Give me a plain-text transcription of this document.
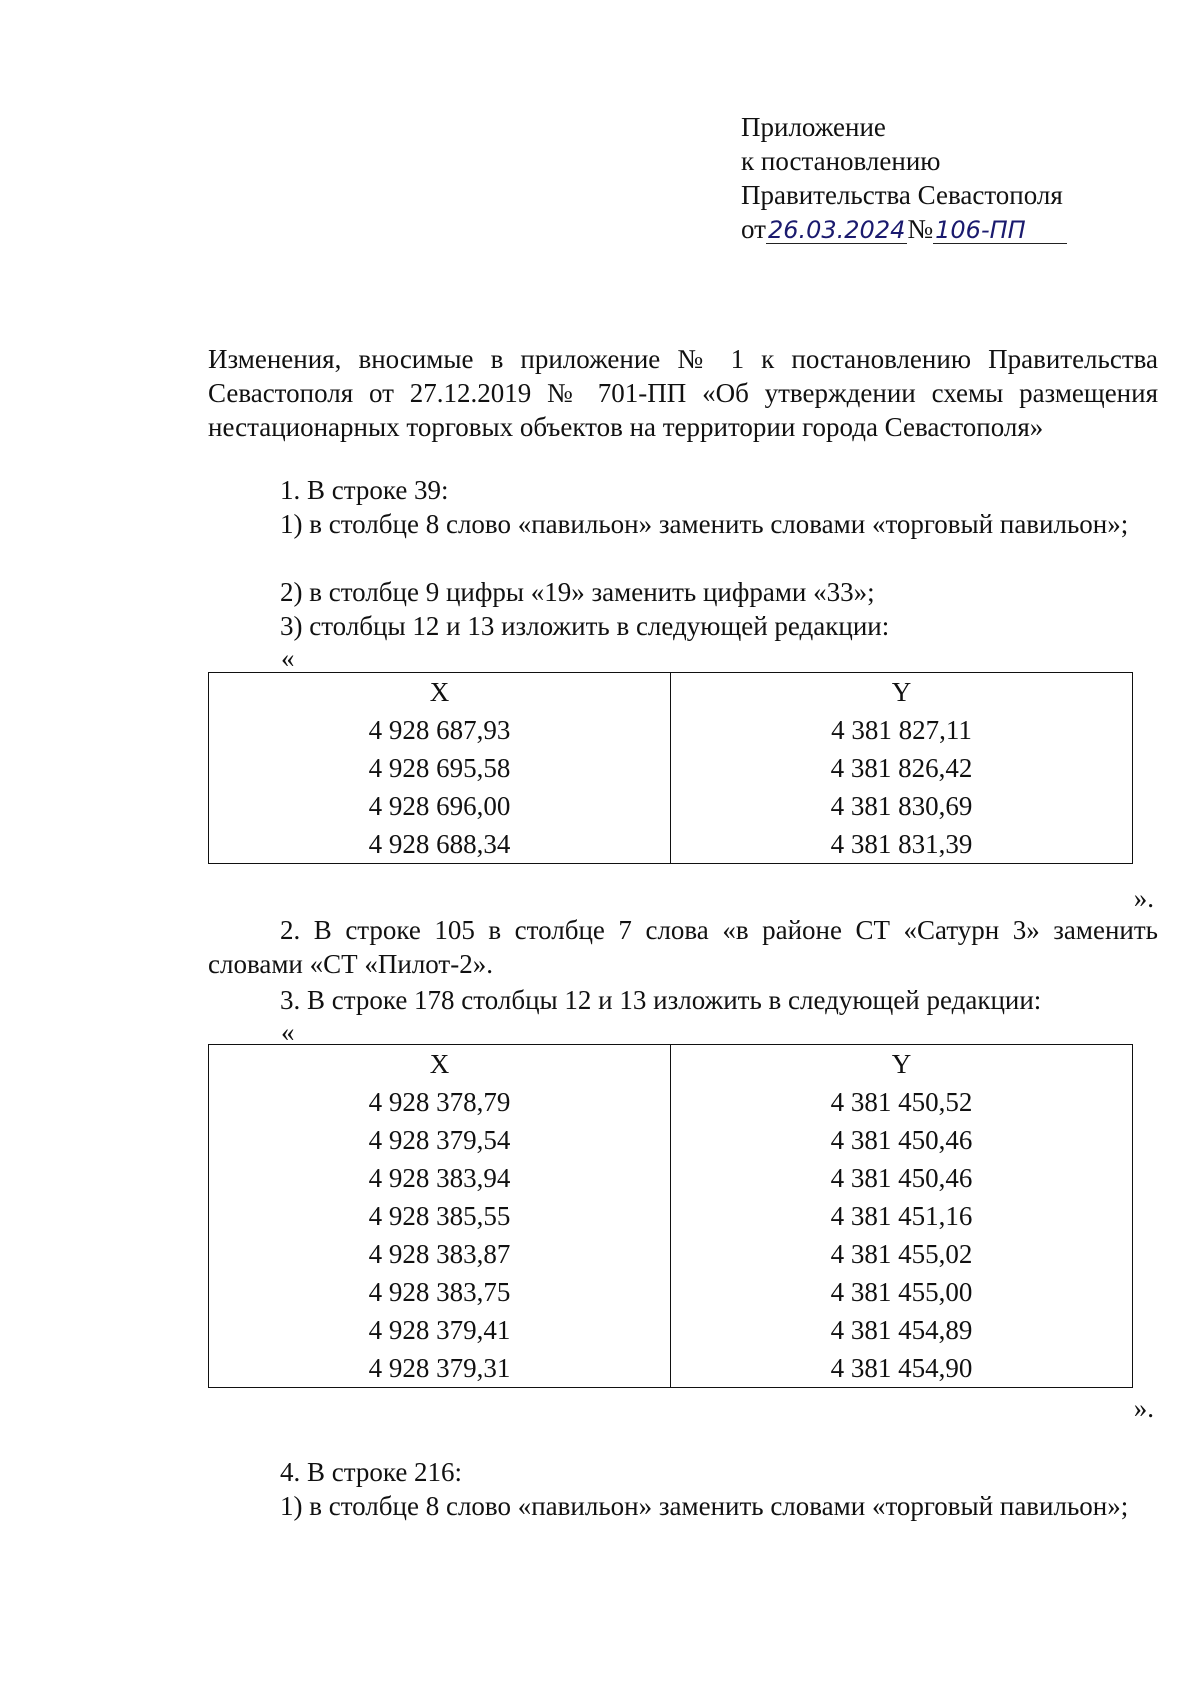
Приложение
к постановлению
Правительства Севастополя
от26.03.2024№106-ПП

Изменения, вносимые в приложение № 1 к постановлению Правительства Севастополя от 27.12.2019 № 701-ПП «Об утверждении схемы размещения нестационарных торговых объектов на территории города Севастополя»

1. В строке 39:

1) в столбце 8 слово «павильон» заменить словами «торговый павильон»;

2) в столбце 9 цифры «19» заменить цифрами «33»;

3) столбцы 12 и 13 изложить в следующей редакции:

«
X	Y
4 928 687,93	4 381 827,11
4 928 695,58	4 381 826,42
4 928 696,00	4 381 830,69
4 928 688,34	4 381 831,39
».

2. В строке 105 в столбце 7 слова «в районе СТ «Сатурн 3» заменить словами «СТ «Пилот-2».

3. В строке 178 столбцы 12 и 13 изложить в следующей редакции:

«
X	Y
4 928 378,79	4 381 450,52
4 928 379,54	4 381 450,46
4 928 383,94	4 381 450,46
4 928 385,55	4 381 451,16
4 928 383,87	4 381 455,02
4 928 383,75	4 381 455,00
4 928 379,41	4 381 454,89
4 928 379,31	4 381 454,90
».

4. В строке 216:

1) в столбце 8 слово «павильон» заменить словами «торговый павильон»;
